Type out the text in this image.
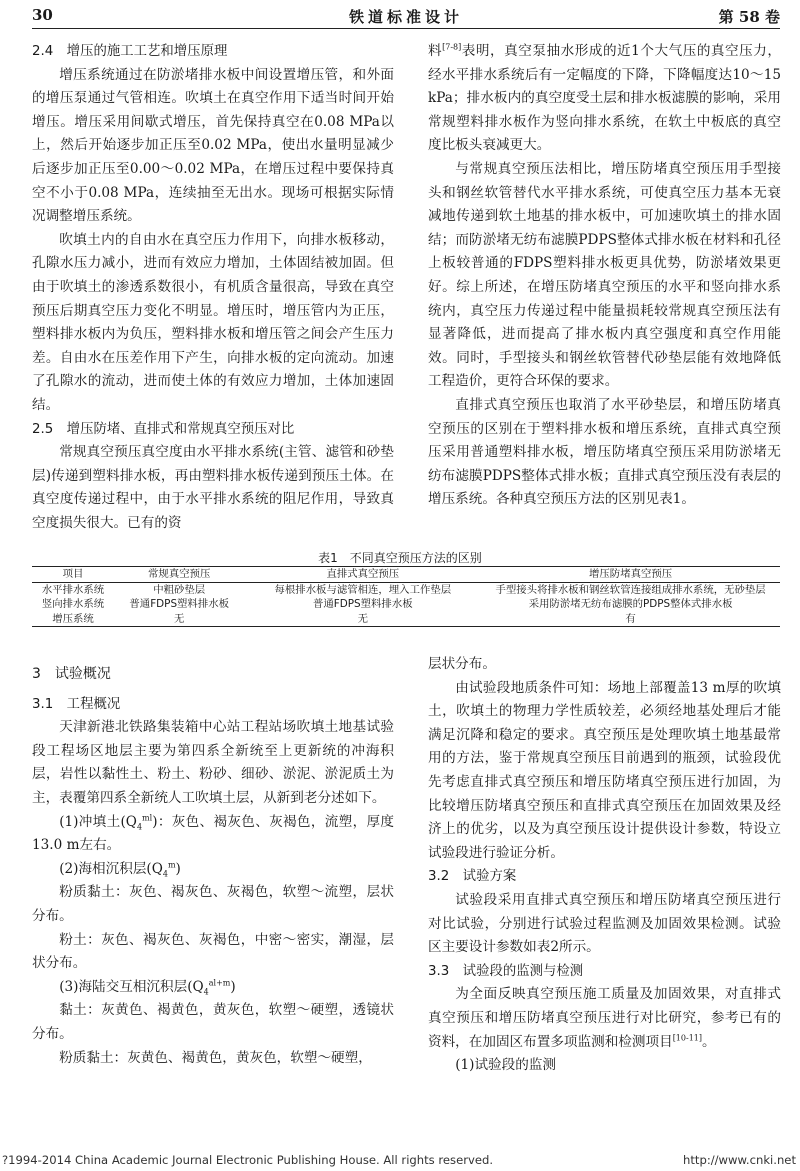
30	铁道标准设计	第 58 卷
2.4　增压的施工工艺和增压原理

增压系统通过在防淤堵排水板中间设置增压管，和外面的增压泵通过气管相连。吹填土在真空作用下适当时间开始增压。增压采用间歇式增压，首先保持真空在0.08 MPa以上，然后开始逐步加正压至0.02 MPa，使出水量明显减少后逐步加正压至0.00～0.02 MPa，在增压过程中要保持真空不小于0.08 MPa，连续抽至无出水。现场可根据实际情况调整增压系统。

吹填土内的自由水在真空压力作用下，向排水板移动，孔隙水压力减小，进而有效应力增加，土体固结被加固。但由于吹填土的渗透系数很小，有机质含量很高，导致在真空预压后期真空压力变化不明显。增压时，增压管内为正压，塑料排水板内为负压，塑料排水板和增压管之间会产生压力差。自由水在压差作用下产生，向排水板的定向流动。加速了孔隙水的流动，进而使土体的有效应力增加，土体加速固结。

2.5　增压防堵、直排式和常规真空预压对比

常规真空预压真空度由水平排水系统(主管、滤管和砂垫层)传递到塑料排水板，再由塑料排水板传递到预压土体。在真空度传递过程中，由于水平排水系统的阻尼作用，导致真空度损失很大。已有的资

料[7-8]表明，真空泵抽水形成的近1个大气压的真空压力，经水平排水系统后有一定幅度的下降，下降幅度达10～15 kPa；排水板内的真空度受土层和排水板滤膜的影响，采用常规塑料排水板作为竖向排水系统，在软土中板底的真空度比板头衰减更大。

与常规真空预压法相比，增压防堵真空预压用手型接头和钢丝软管替代水平排水系统，可使真空压力基本无衰减地传递到软土地基的排水板中，可加速吹填土的排水固结；而防淤堵无纺布滤膜PDPS整体式排水板在材料和孔径上板较普通的FDPS塑料排水板更具优势，防淤堵效果更好。综上所述，在增压防堵真空预压的水平和竖向排水系统内，真空压力传递过程中能量损耗较常规真空预压法有显著降低，进而提高了排水板内真空强度和真空作用能效。同时，手型接头和钢丝软管替代砂垫层能有效地降低工程造价，更符合环保的要求。

直排式真空预压也取消了水平砂垫层，和增压防堵真空预压的区别在于塑料排水板和增压系统，直排式真空预压采用普通塑料排水板，增压防堵真空预压采用防淤堵无纺布滤膜PDPS整体式排水板；直排式真空预压没有表层的增压系统。各种真空预压方法的区别见表1。

表1　不同真空预压方法的区别
项目	常规真空预压	直排式真空预压	增压防堵真空预压
水平排水系统	中粗砂垫层	每根排水板与滤管相连，埋入工作垫层	手型接头将排水板和钢丝软管连接组成排水系统，无砂垫层
竖向排水系统	普通FDPS塑料排水板	普通FDPS塑料排水板	采用防淤堵无纺布滤膜的PDPS整体式排水板
增压系统	无	无	有
3　试验概况
3.1　工程概况

天津新港北铁路集装箱中心站工程站场吹填土地基试验段工程场区地层主要为第四系全新统至上更新统的冲海积层，岩性以黏性土、粉土、粉砂、细砂、淤泥、淤泥质土为主，表覆第四系全新统人工吹填土层，从新到老分述如下。

(1)冲填土$(Q_4^{ml})$：灰色、褐灰色、灰褐色，流塑，厚度13.0 m左右。

(2)海相沉积层$(Q_4^m)$

粉质黏土：灰色、褐灰色、灰褐色，软塑～流塑，层状分布。

粉土：灰色、褐灰色、灰褐色，中密～密实，潮湿，层状分布。

(3)海陆交互相沉积层$(Q_4^{al+m})$

黏土：灰黄色、褐黄色，黄灰色，软塑～硬塑，透镜状分布。

粉质黏土：灰黄色、褐黄色，黄灰色，软塑～硬塑，

层状分布。

由试验段地质条件可知：场地上部覆盖13 m厚的吹填土，吹填土的物理力学性质较差，必须经地基处理后才能满足沉降和稳定的要求。真空预压是处理吹填土地基最常用的方法，鉴于常规真空预压目前遇到的瓶颈，试验段优先考虑直排式真空预压和增压防堵真空预压进行加固，为比较增压防堵真空预压和直排式真空预压在加固效果及经济上的优劣，以及为真空预压设计提供设计参数，特设立试验段进行验证分析。

3.2　试验方案

试验段采用直排式真空预压和增压防堵真空预压进行对比试验，分别进行试验过程监测及加固效果检测。试验区主要设计参数如表2所示。

3.3　试验段的监测与检测

为全面反映真空预压施工质量及加固效果，对直排式真空预压和增压防堵真空预压进行对比研究，参考已有的资料，在加固区布置多项监测和检测项目[10-11]。

(1)试验段的监测

?1994-2014 China Academic Journal Electronic Publishing House. All rights reserved.	http://www.cnki.net
